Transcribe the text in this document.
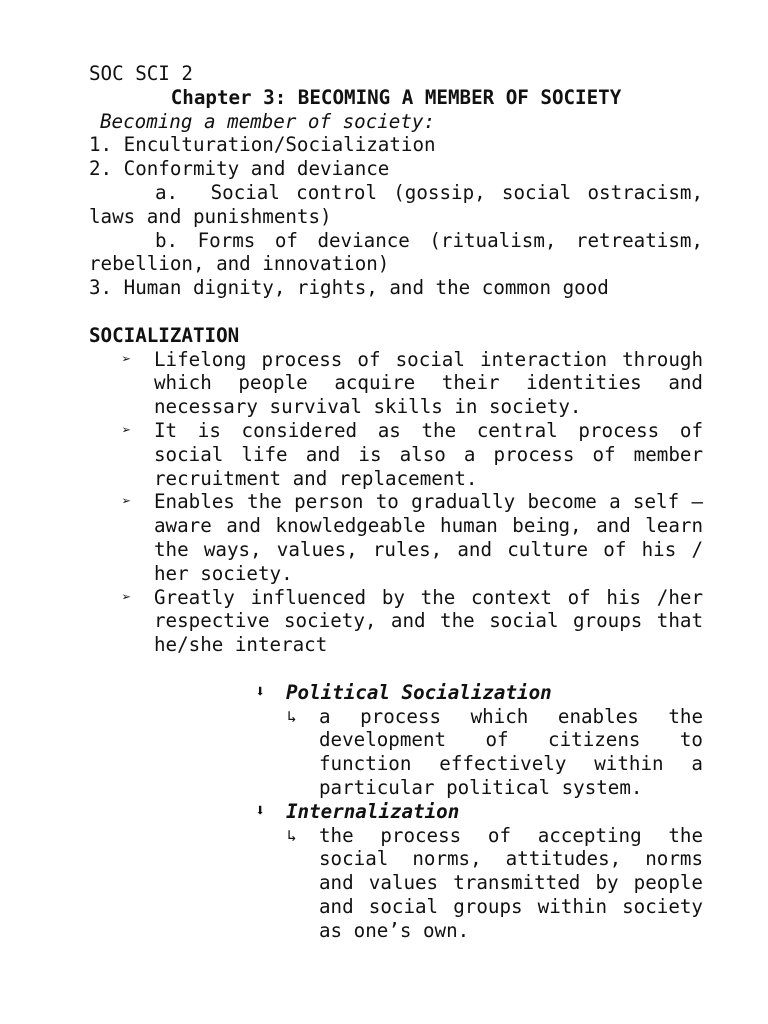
SOC SCI 2
Chapter 3: BECOMING A MEMBER OF SOCIETY
Becoming a member of society:
1. Enculturation/Socialization
2. Conformity and deviance
a.  Social control (gossip, social ostracism,
laws and punishments)
b. Forms of deviance (ritualism, retreatism,
rebellion, and innovation)
3. Human dignity, rights, and the common good
SOCIALIZATION
➢	Lifelong process of social interaction through which people acquire their identities and necessary survival skills in society.
➢	It is considered as the central process of social life and is also a process of member recruitment and replacement.
➢	Enables the person to gradually become a self – aware and knowledgeable human being, and learn the ways, values, rules, and culture of his / her society.
➢	Greatly influenced by the context of his /her respective society, and the social groups that he/she interact
⬇	Political Socialization
↳	a process which enables the development of citizens to function effectively within a particular political system.
⬇	Internalization
↳	the process of accepting the social norms, attitudes, norms and values transmitted by people and social groups within society as one’s own.
